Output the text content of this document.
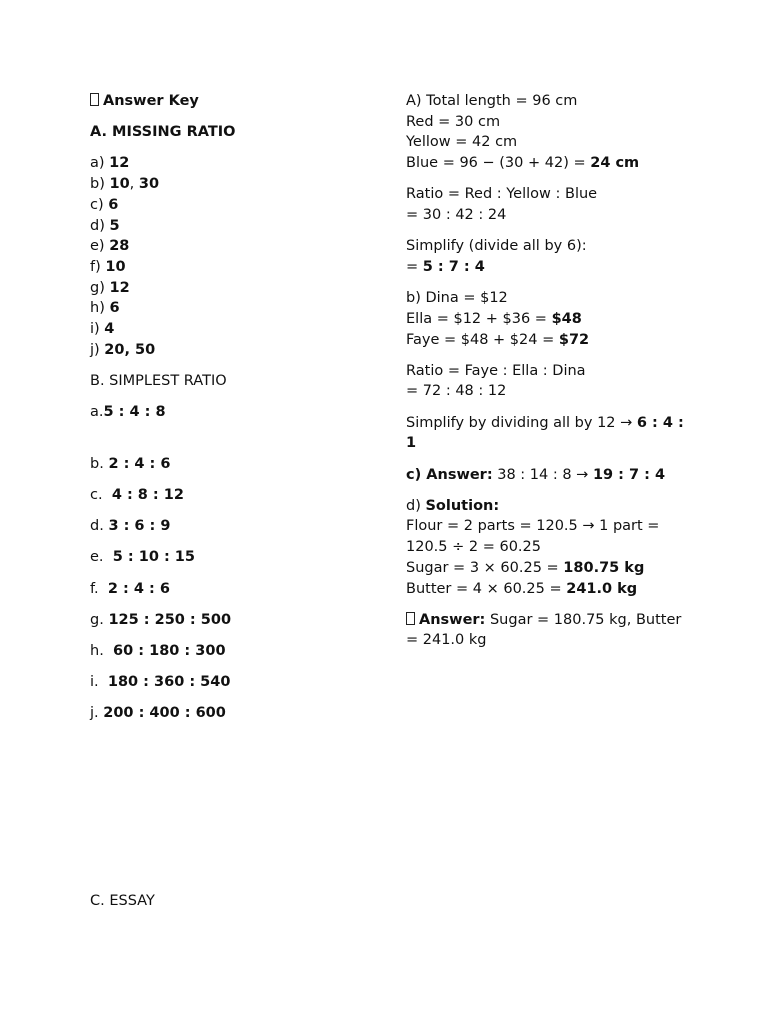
Answer Key

A. MISSING RATIO

a) 12
b) 10, 30
c) 6
d) 5
e) 28
f) 10
g) 12
h) 6
i) 4
j) 20, 50

B. SIMPLEST RATIO

a.5 : 4 : 8

b. 2 : 4 : 6

c.  4 : 8 : 12

d. 3 : 6 : 9

e.  5 : 10 : 15

f.  2 : 4 : 6

g. 125 : 250 : 500

h.  60 : 180 : 300

i.  180 : 360 : 540

j. 200 : 400 : 600

C. ESSAY

A) Total length = 96 cm
Red = 30 cm
Yellow = 42 cm
Blue = 96 − (30 + 42) = 24 cm

Ratio = Red : Yellow : Blue
= 30 : 42 : 24

Simplify (divide all by 6):
= 5 : 7 : 4

b) Dina = $12
Ella = $12 + $36 = $48
Faye = $48 + $24 = $72

Ratio = Faye : Ella : Dina
= 72 : 48 : 12

Simplify by dividing all by 12 → 6 : 4 : 1

c) Answer: 38 : 14 : 8 → 19 : 7 : 4

d) Solution:
Flour = 2 parts = 120.5 → 1 part = 120.5 ÷ 2 = 60.25
Sugar = 3 × 60.25 = 180.75 kg
Butter = 4 × 60.25 = 241.0 kg

Answer: Sugar = 180.75 kg, Butter = 241.0 kg
